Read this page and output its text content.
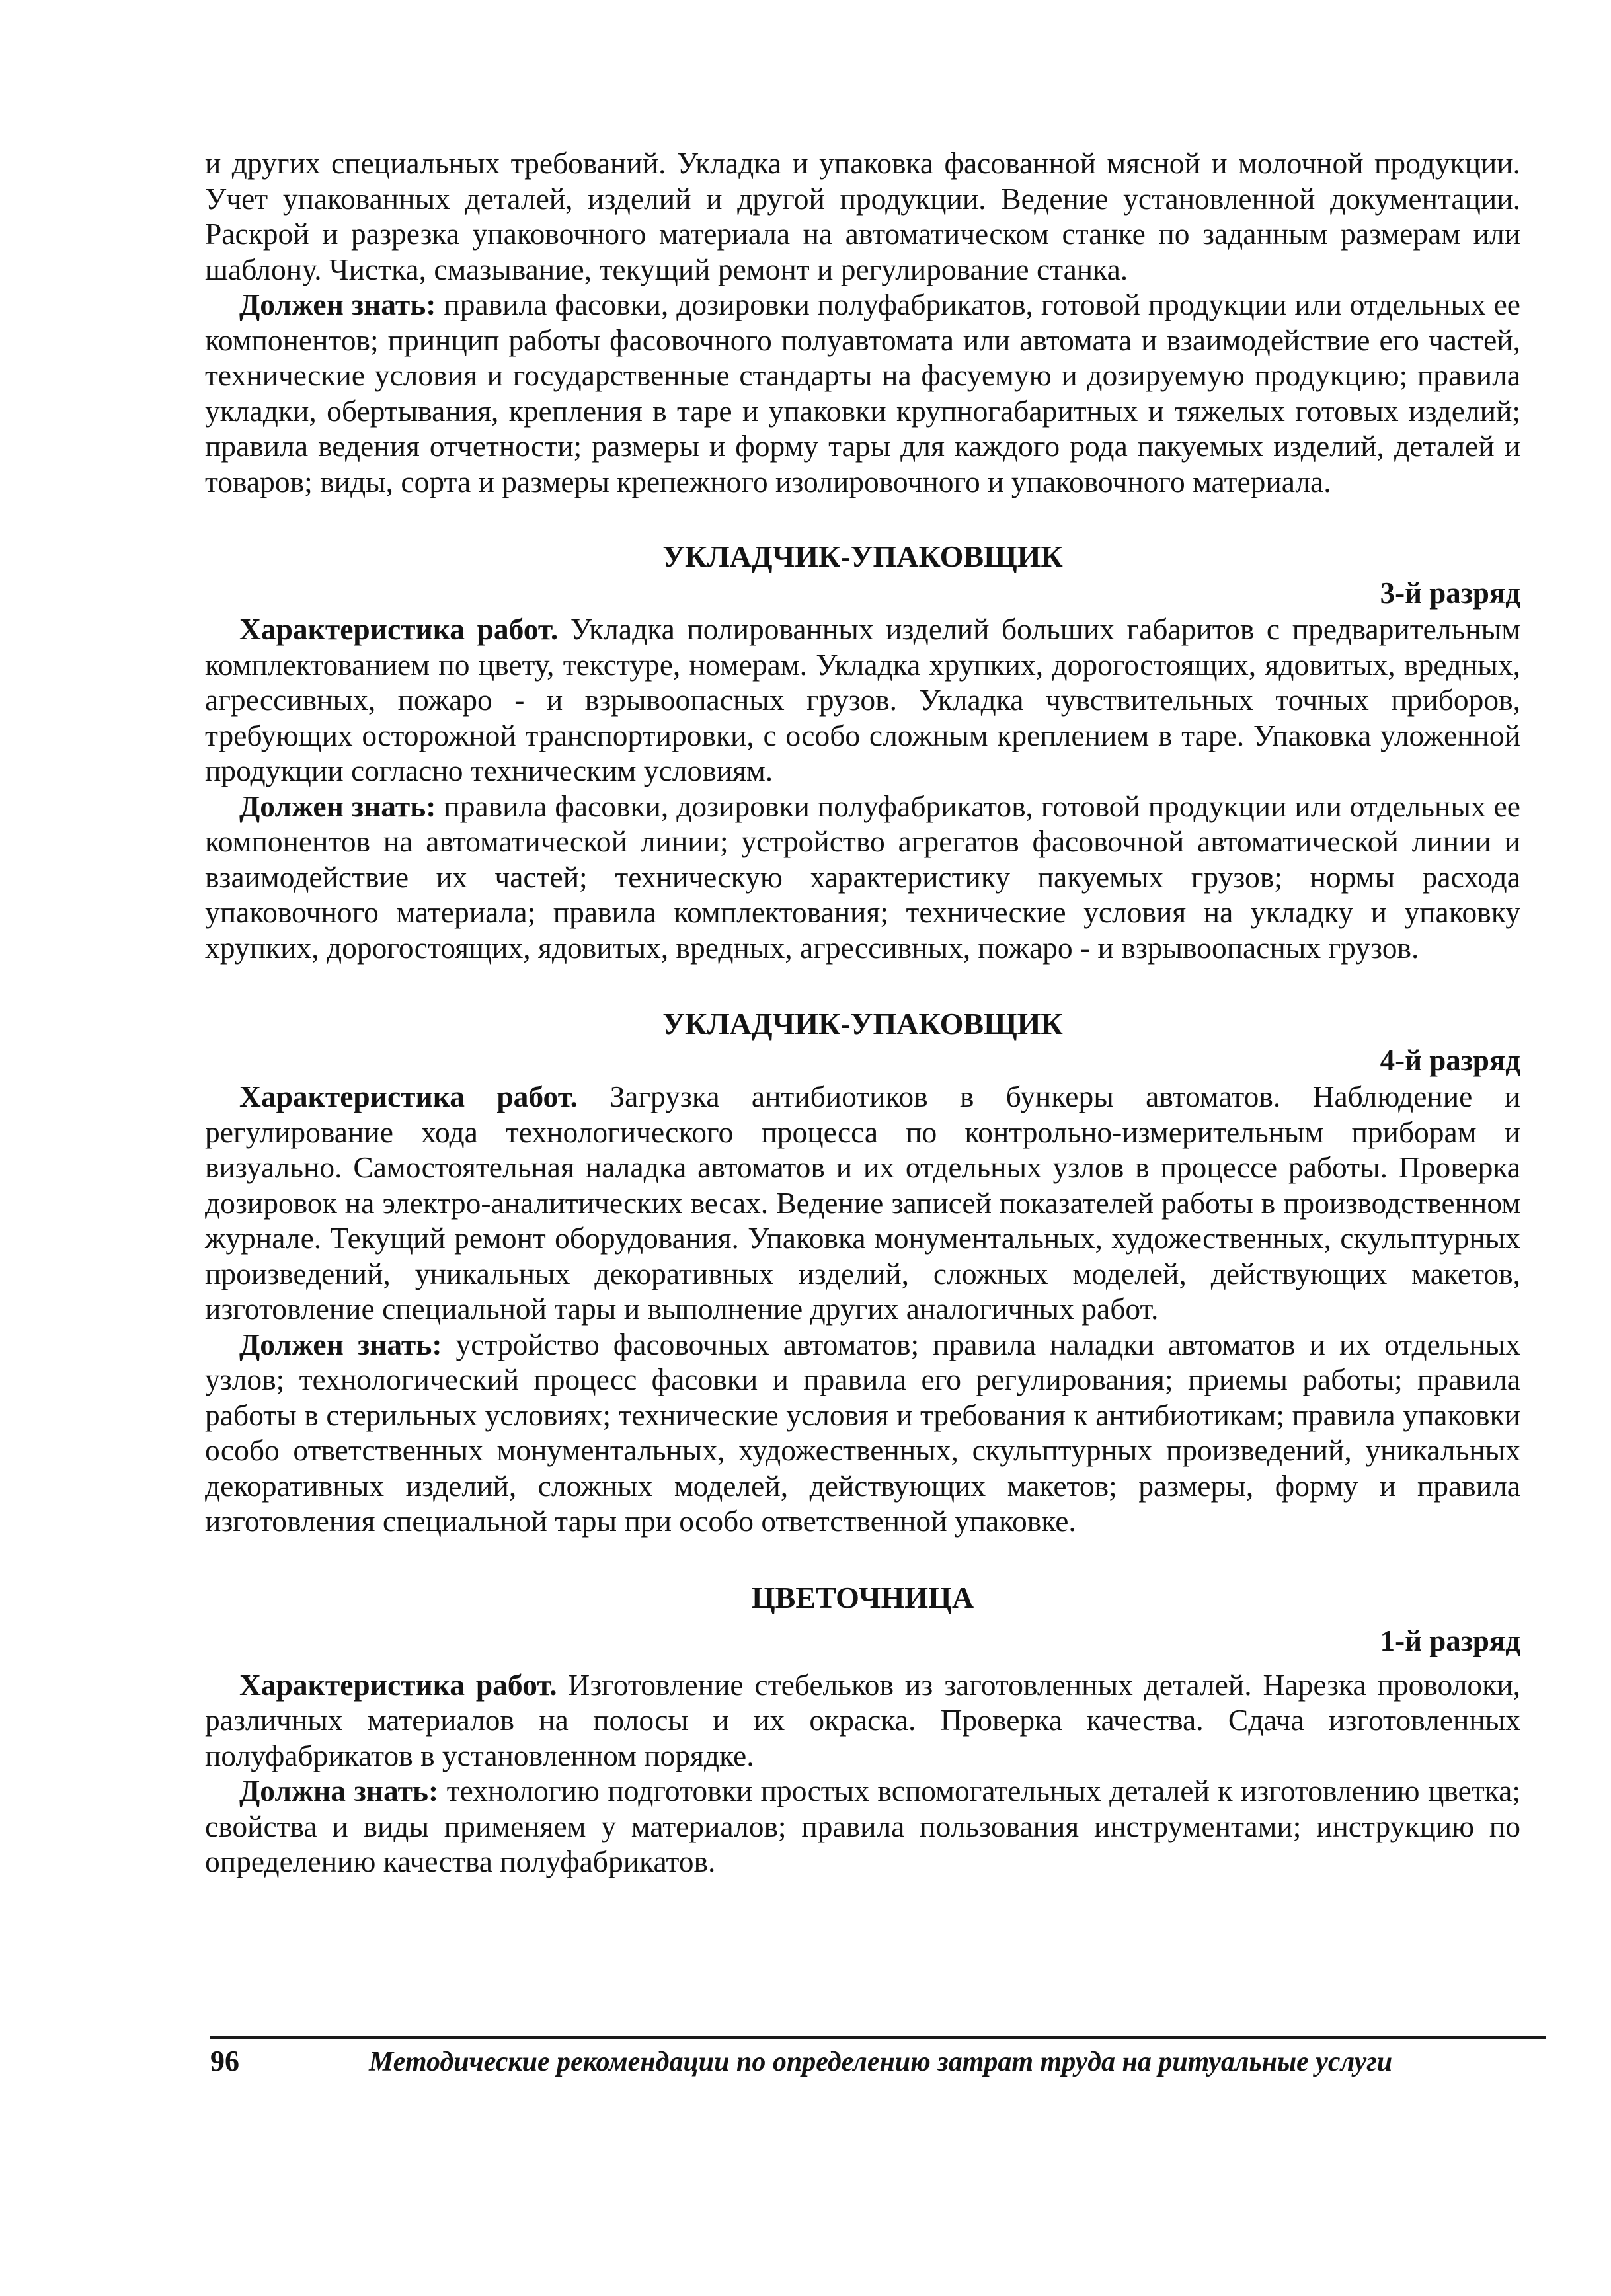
и других специальных требований. Укладка и упаковка фасованной мясной и молочной продукции. Учет упакованных деталей, изделий и другой продукции. Ведение установленной документации. Раскрой и разрезка упаковочного материала на автоматическом станке по заданным размерам или шаблону. Чистка, смазывание, текущий ремонт и регулирование станка.

Должен знать: правила фасовки, дозировки полуфабрикатов, готовой продукции или отдельных ее компонентов; принцип работы фасовочного полуавтомата или автомата и взаимодействие его частей, технические условия и государственные стандарты на фасуемую и дозируемую продукцию; правила укладки, обертывания, крепления в таре и упаковки крупногабаритных и тяжелых готовых изделий; правила ведения отчетности; размеры и форму тары для каждого рода пакуемых изделий, деталей и товаров; виды, сорта и размеры крепежного изолировочного и упаковочного материала.

УКЛАДЧИК-УПАКОВЩИК
3-й разряд

Характеристика работ. Укладка полированных изделий больших габаритов с предварительным комплектованием по цвету, текстуре, номерам. Укладка хрупких, дорогостоящих, ядовитых, вредных, агрессивных, пожаро - и взрывоопасных грузов. Укладка чувствительных точных приборов, требующих осторожной транспортировки, с особо сложным креплением в таре. Упаковка уложенной продукции согласно техническим условиям.

Должен знать: правила фасовки, дозировки полуфабрикатов, готовой продукции или отдельных ее компонентов на автоматической линии; устройство агрегатов фасовочной автоматической линии и взаимодействие их частей; техническую характеристику пакуемых грузов; нормы расхода упаковочного материала; правила комплектования; технические условия на укладку и упаковку хрупких, дорогостоящих, ядовитых, вредных, агрессивных, пожаро - и взрывоопасных грузов.

УКЛАДЧИК-УПАКОВЩИК
4-й разряд

Характеристика работ. Загрузка антибиотиков в бункеры автоматов. Наблюдение и регулирование хода технологического процесса по контрольно-измерительным приборам и визуально. Самостоятельная наладка автоматов и их отдельных узлов в процессе работы. Проверка дозировок на электро-аналитических весах. Ведение записей показателей работы в производственном журнале. Текущий ремонт оборудования. Упаковка монументальных, художественных, скульптурных произведений, уникальных декоративных изделий, сложных моделей, действующих макетов, изготовление специальной тары и выполнение других аналогичных работ.

Должен знать: устройство фасовочных автоматов; правила наладки автоматов и их отдельных узлов; технологический процесс фасовки и правила его регулирования; приемы работы; правила работы в стерильных условиях; технические условия и требования к антибиотикам; правила упаковки особо ответственных монументальных, художественных, скульптурных произведений, уникальных декоративных изделий, сложных моделей, действующих макетов; размеры, форму и правила изготовления специальной тары при особо ответственной упаковке.

ЦВЕТОЧНИЦА
1-й разряд

Характеристика работ. Изготовление стебельков из заготовленных деталей. Нарезка проволоки, различных материалов на полосы и их окраска. Проверка качества. Сдача изготовленных полуфабрикатов в установленном порядке.

Должна знать: технологию подготовки простых вспомогательных деталей к изготовлению цветка; свойства и виды применяем у материалов; правила пользования инструментами; инструкцию по определению качества полуфабрикатов.

96	Методические рекомендации по определению затрат труда на ритуальные услуги
